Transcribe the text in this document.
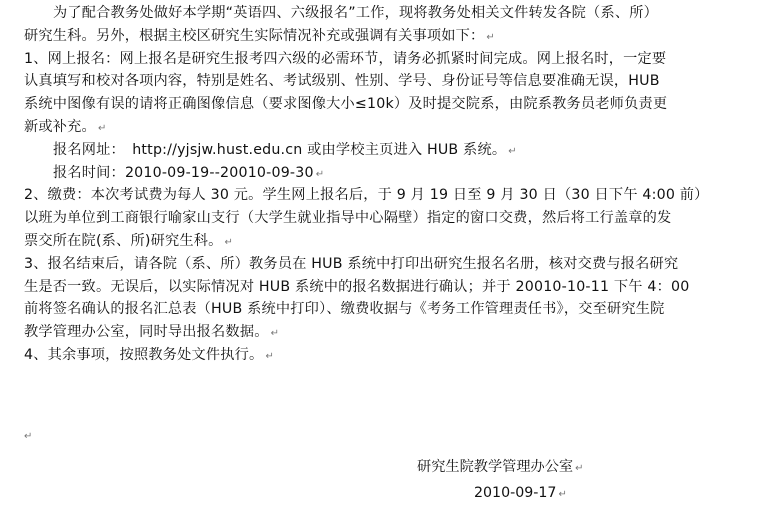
为了配合教务处做好本学期“英语四、六级报名”工作，现将教务处相关文件转发各院（系、所）
研究生科。另外，根据主校区研究生实际情况补充或强调有关事项如下： ↵
1、网上报名：网上报名是研究生报考四六级的必需环节，请务必抓紧时间完成。网上报名时，一定要
认真填写和校对各项内容，特别是姓名、考试级别、性别、学号、身份证号等信息要准确无误，HUB
系统中图像有误的请将正确图像信息（要求图像大小≤10k）及时提交院系，由院系教务员老师负责更
新或补充。 ↵
报名网址：　http://yjsjw.hust.edu.cn 或由学校主页进入 HUB 系统。 ↵
报名时间：2010-09-19--20010-09-30 ↵
2、缴费：本次考试费为每人 30 元。学生网上报名后，于 9 月 19 日至 9 月 30 日（30 日下午 4:00 前）
以班为单位到工商银行喻家山支行（大学生就业指导中心隔壁）指定的窗口交费，然后将工行盖章的发
票交所在院(系、所)研究生科。 ↵
3、报名结束后，请各院（系、所）教务员在 HUB 系统中打印出研究生报名名册，核对交费与报名研究
生是否一致。无误后，以实际情况对 HUB 系统中的报名数据进行确认；并于 20010-10-11 下午 4：00
前将签名确认的报名汇总表（HUB 系统中打印）、缴费收据与《考务工作管理责任书》，交至研究生院
教学管理办公室，同时导出报名数据。 ↵
4、其余事项，按照教务处文件执行。 ↵
↵
研究生院教学管理办公室 ↵
2010-09-17 ↵
